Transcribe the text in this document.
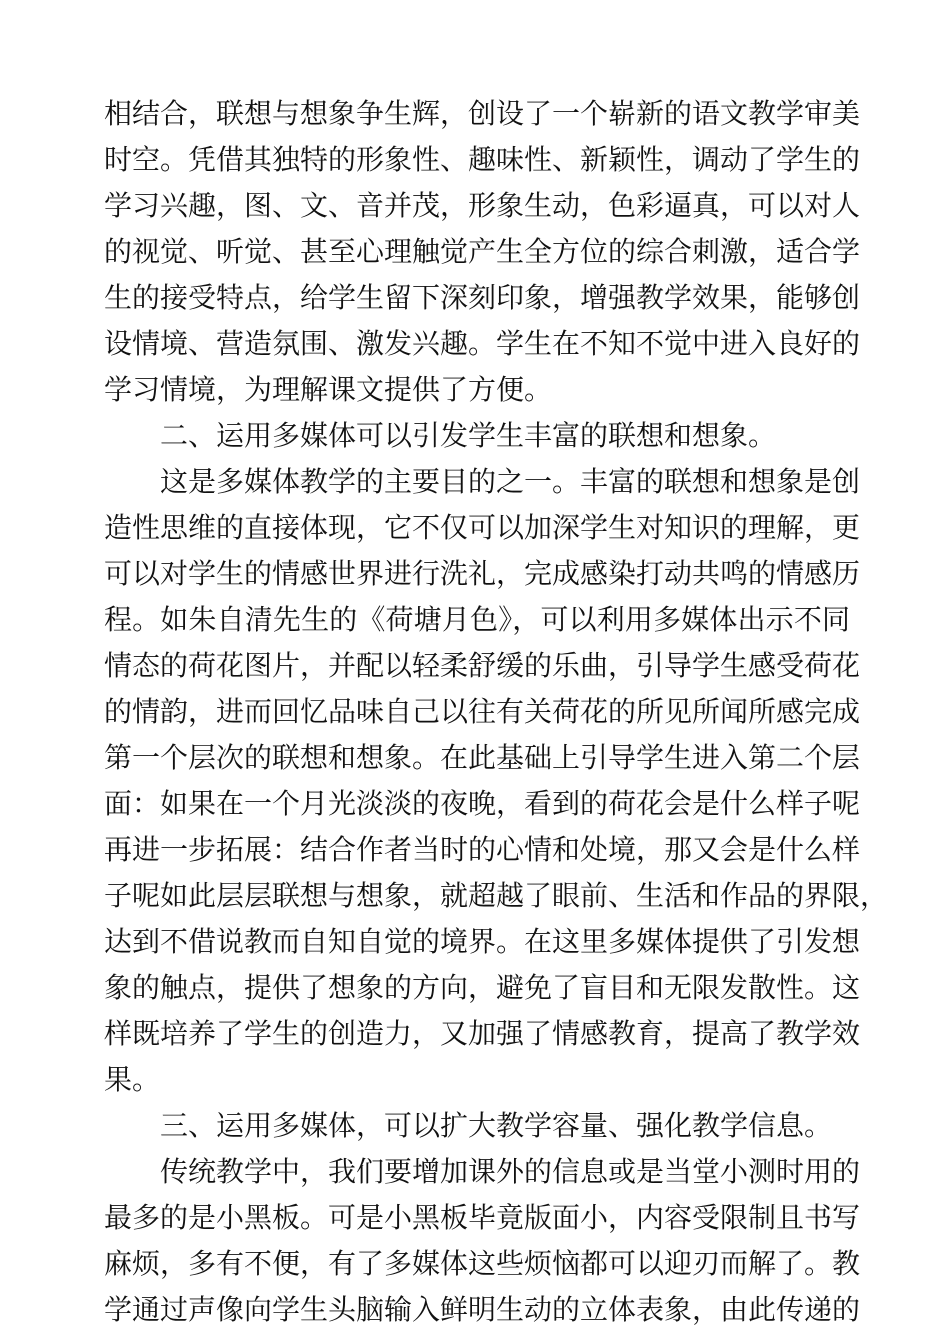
相结合，联想与想象争生辉，创设了一个崭新的语文教学审美
时空。凭借其独特的形象性、趣味性、新颖性，调动了学生的
学习兴趣，图、文、音并茂，形象生动，色彩逼真，可以对人
的视觉、听觉、甚至心理触觉产生全方位的综合刺激，适合学
生的接受特点，给学生留下深刻印象，增强教学效果，能够创
设情境、营造氛围、激发兴趣。学生在不知不觉中进入良好的
学习情境，为理解课文提供了方便。
二、运用多媒体可以引发学生丰富的联想和想象。
这是多媒体教学的主要目的之一。丰富的联想和想象是创
造性思维的直接体现，它不仅可以加深学生对知识的理解，更
可以对学生的情感世界进行洗礼，完成感染打动共鸣的情感历
程。如朱自清先生的《荷塘月色》，可以利用多媒体出示不同
情态的荷花图片，并配以轻柔舒缓的乐曲，引导学生感受荷花
的情韵，进而回忆品味自己以往有关荷花的所见所闻所感完成
第一个层次的联想和想象。在此基础上引导学生进入第二个层
面：如果在一个月光淡淡的夜晚，看到的荷花会是什么样子呢
再进一步拓展：结合作者当时的心情和处境，那又会是什么样
子呢如此层层联想与想象，就超越了眼前、生活和作品的界限，
达到不借说教而自知自觉的境界。在这里多媒体提供了引发想
象的触点，提供了想象的方向，避免了盲目和无限发散性。这
样既培养了学生的创造力，又加强了情感教育，提高了教学效
果。
三、运用多媒体，可以扩大教学容量、强化教学信息。
传统教学中，我们要增加课外的信息或是当堂小测时用的
最多的是小黑板。可是小黑板毕竟版面小，内容受限制且书写
麻烦，多有不便，有了多媒体这些烦恼都可以迎刃而解了。教
学通过声像向学生头脑输入鲜明生动的立体表象，由此传递的
